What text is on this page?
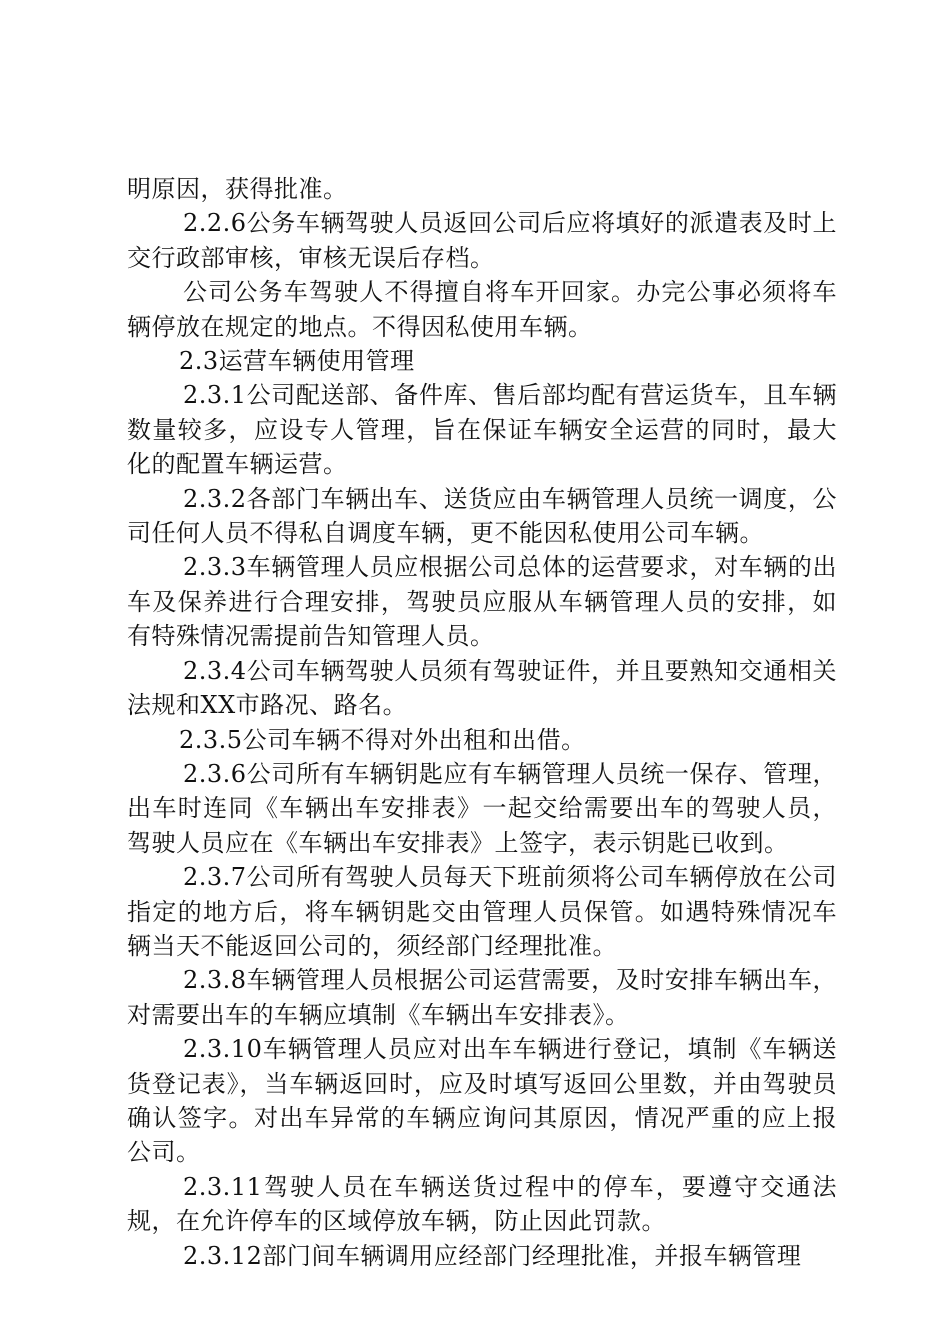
明原因，获得批准。

2.2.6公务车辆驾驶人员返回公司后应将填好的派遣表及时上交行政部审核，审核无误后存档。

公司公务车驾驶人不得擅自将车开回家。办完公事必须将车辆停放在规定的地点。不得因私使用车辆。

2.3运营车辆使用管理

2.3.1公司配送部、备件库、售后部均配有营运货车，且车辆数量较多，应设专人管理，旨在保证车辆安全运营的同时，最大化的配置车辆运营。

2.3.2各部门车辆出车、送货应由车辆管理人员统一调度，公司任何人员不得私自调度车辆，更不能因私使用公司车辆。

2.3.3车辆管理人员应根据公司总体的运营要求，对车辆的出车及保养进行合理安排，驾驶员应服从车辆管理人员的安排，如有特殊情况需提前告知管理人员。

2.3.4公司车辆驾驶人员须有驾驶证件，并且要熟知交通相关法规和XX市路况、路名。

2.3.5公司车辆不得对外出租和出借。

2.3.6公司所有车辆钥匙应有车辆管理人员统一保存、管理，出车时连同《车辆出车安排表》一起交给需要出车的驾驶人员，驾驶人员应在《车辆出车安排表》上签字，表示钥匙已收到。

2.3.7公司所有驾驶人员每天下班前须将公司车辆停放在公司指定的地方后，将车辆钥匙交由管理人员保管。如遇特殊情况车辆当天不能返回公司的，须经部门经理批准。

2.3.8车辆管理人员根据公司运营需要，及时安排车辆出车，对需要出车的车辆应填制《车辆出车安排表》。

2.3.10车辆管理人员应对出车车辆进行登记，填制《车辆送货登记表》，当车辆返回时，应及时填写返回公里数，并由驾驶员确认签字。对出车异常的车辆应询问其原因，情况严重的应上报公司。

2.3.11驾驶人员在车辆送货过程中的停车，要遵守交通法规，在允许停车的区域停放车辆，防止因此罚款。

2.3.12部门间车辆调用应经部门经理批准，并报车辆管理
